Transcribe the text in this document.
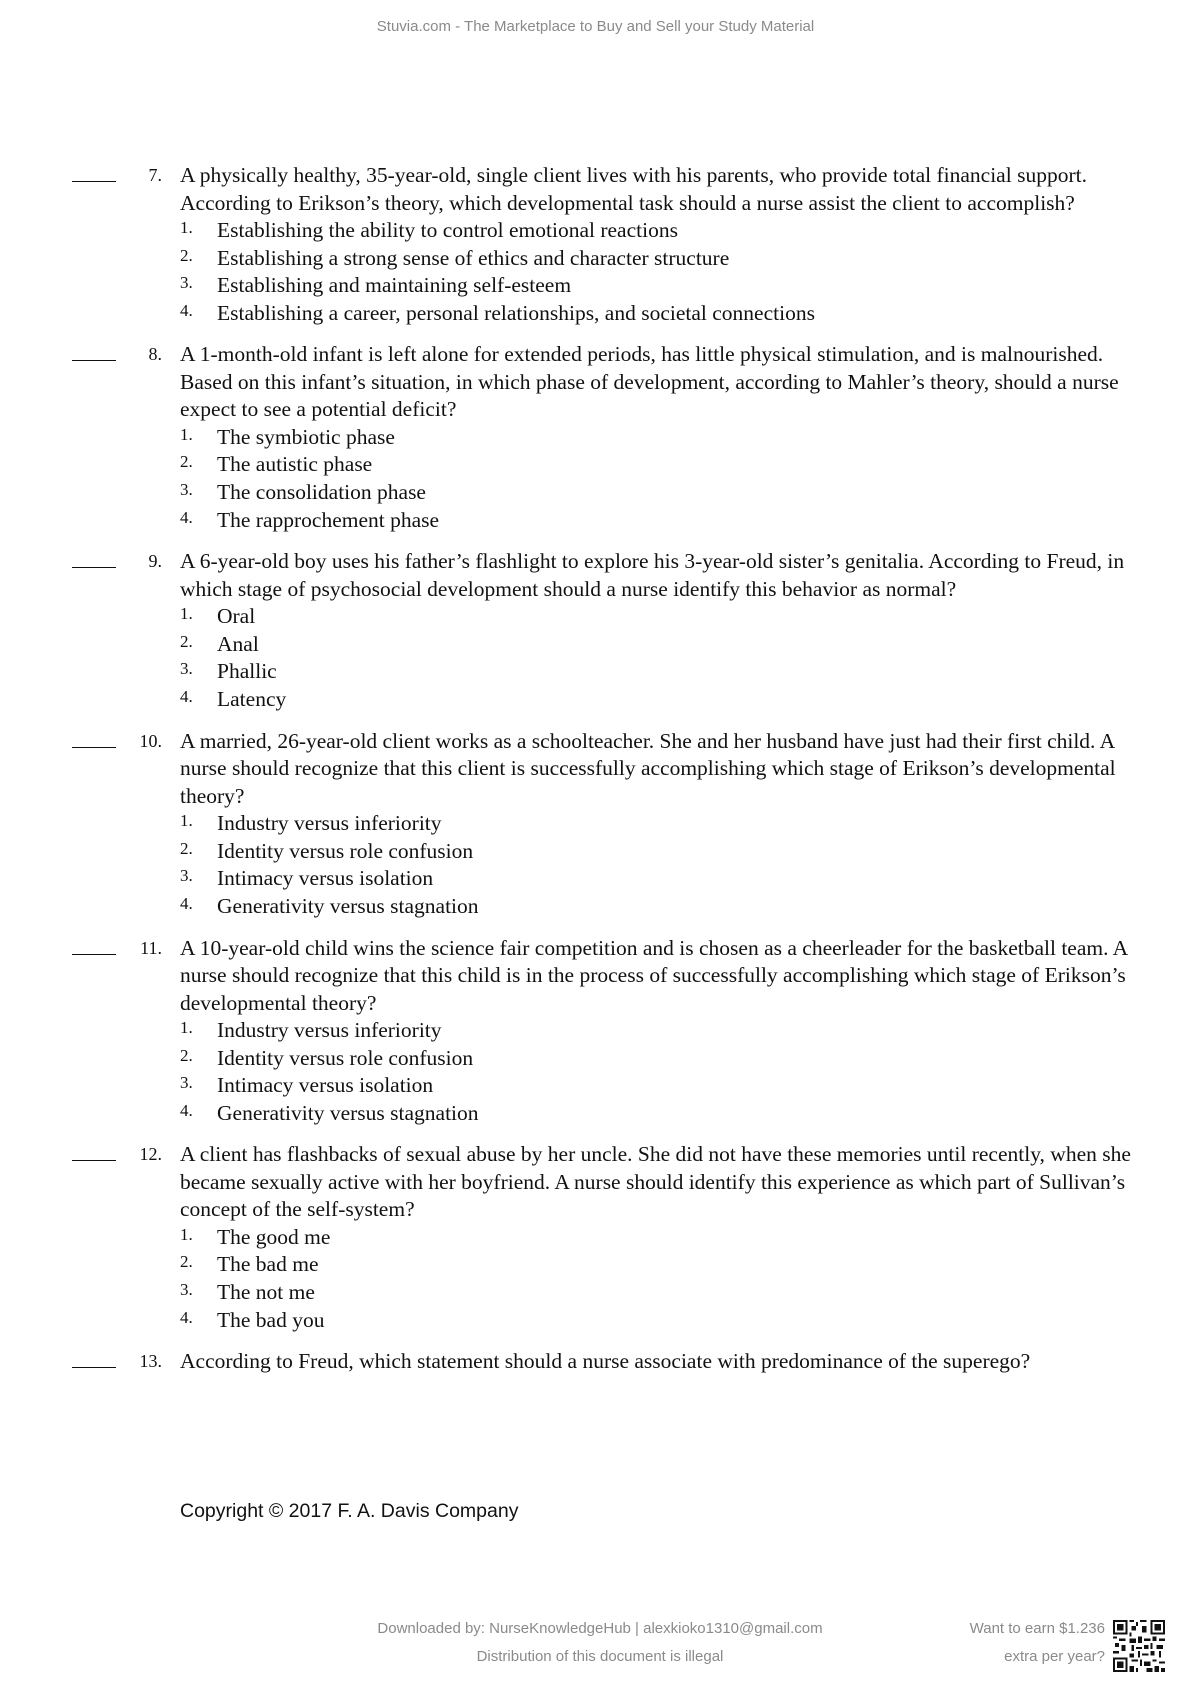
Stuvia.com - The Marketplace to Buy and Sell your Study Material
7. A physically healthy, 35-year-old, single client lives with his parents, who provide total financial support. According to Erikson’s theory, which developmental task should a nurse assist the client to accomplish?
1.	Establishing the ability to control emotional reactions
2.	Establishing a strong sense of ethics and character structure
3.	Establishing and maintaining self-esteem
4.	Establishing a career, personal relationships, and societal connections
8. A 1-month-old infant is left alone for extended periods, has little physical stimulation, and is malnourished. Based on this infant’s situation, in which phase of development, according to Mahler’s theory, should a nurse expect to see a potential deficit?
1.	The symbiotic phase
2.	The autistic phase
3.	The consolidation phase
4.	The rapprochement phase
9. A 6-year-old boy uses his father’s flashlight to explore his 3-year-old sister’s genitalia. According to Freud, in which stage of psychosocial development should a nurse identify this behavior as normal?
1.	Oral
2.	Anal
3.	Phallic
4.	Latency
10. A married, 26-year-old client works as a schoolteacher. She and her husband have just had their first child. A nurse should recognize that this client is successfully accomplishing which stage of Erikson’s developmental theory?
1.	Industry versus inferiority
2.	Identity versus role confusion
3.	Intimacy versus isolation
4.	Generativity versus stagnation
11. A 10-year-old child wins the science fair competition and is chosen as a cheerleader for the basketball team. A nurse should recognize that this child is in the process of successfully accomplishing which stage of Erikson’s developmental theory?
1.	Industry versus inferiority
2.	Identity versus role confusion
3.	Intimacy versus isolation
4.	Generativity versus stagnation
12. A client has flashbacks of sexual abuse by her uncle. She did not have these memories until recently, when she became sexually active with her boyfriend. A nurse should identify this experience as which part of Sullivan’s concept of the self-system?
1.	The good me
2.	The bad me
3.	The not me
4.	The bad you
13. According to Freud, which statement should a nurse associate with predominance of the superego?
Copyright © 2017 F. A. Davis Company
Downloaded by: NurseKnowledgeHub | alexkioko1310@gmail.com
Distribution of this document is illegal
Want to earn $1.236
extra per year?
